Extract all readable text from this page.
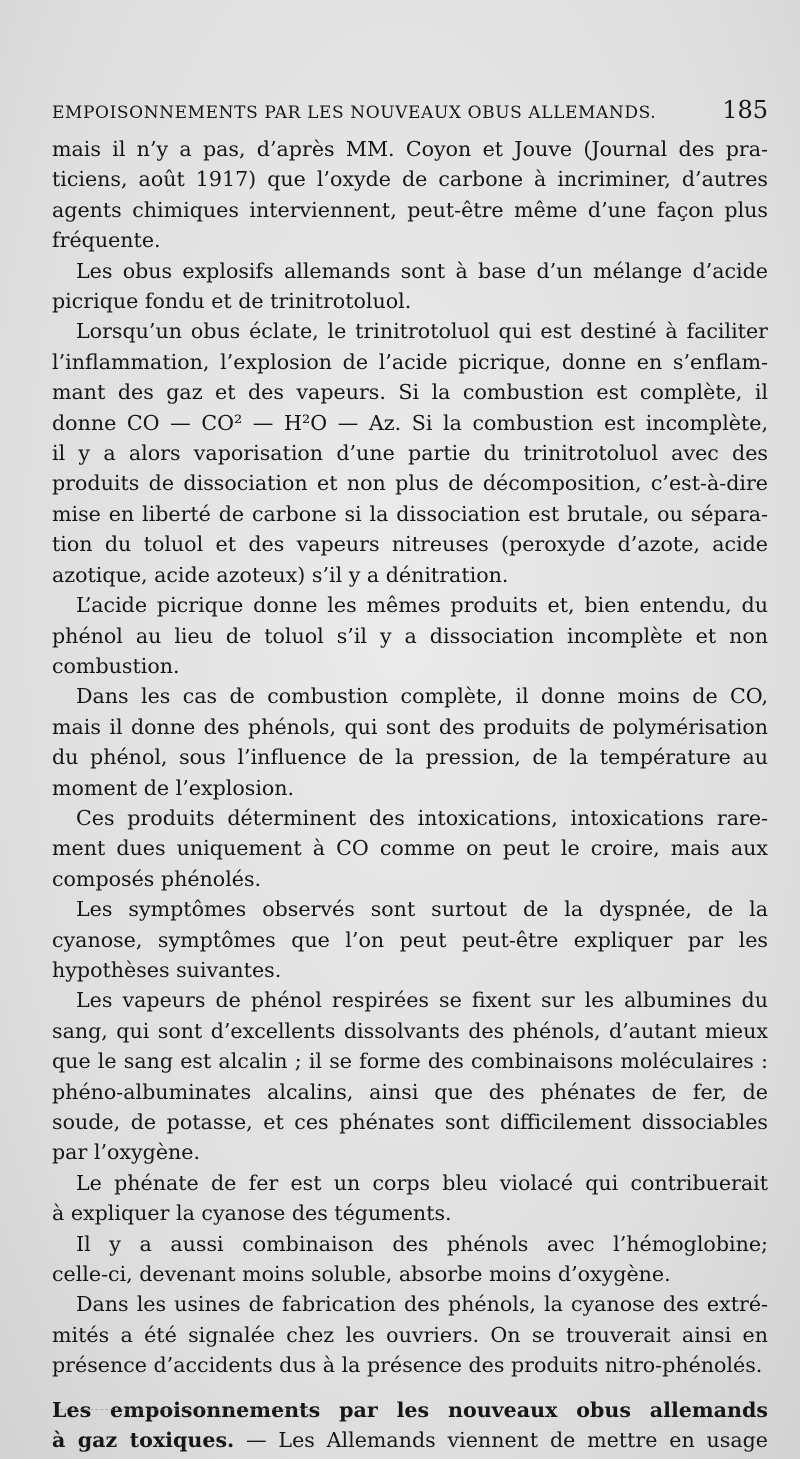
EMPOISONNEMENTS PAR LES NOUVEAUX OBUS ALLEMANDS.	185
mais il n’y a pas, d’après MM. Coyon et Jouve (Journal des pra-
ticiens, août 1917) que l’oxyde de carbone à incriminer, d’autres
agents chimiques interviennent, peut-être même d’une façon plus
fréquente.
Les obus explosifs allemands sont à base d’un mélange d’acide
picrique fondu et de trinitrotoluol.
Lorsqu’un obus éclate, le trinitrotoluol qui est destiné à faciliter
l’inflammation, l’explosion de l’acide picrique, donne en s’enflam-
mant des gaz et des vapeurs. Si la combustion est complète, il
donne CO — CO² — H²O — Az. Si la combustion est incomplète,
il y a alors vaporisation d’une partie du trinitrotoluol avec des
produits de dissociation et non plus de décomposition, c’est-à-dire
mise en liberté de carbone si la dissociation est brutale, ou sépara-
tion du toluol et des vapeurs nitreuses (peroxyde d’azote, acide
azotique, acide azoteux) s’il y a dénitration.
L’acide picrique donne les mêmes produits et, bien entendu, du
phénol au lieu de toluol s’il y a dissociation incomplète et non
combustion.
Dans les cas de combustion complète, il donne moins de CO,
mais il donne des phénols, qui sont des produits de polymérisation
du phénol, sous l’influence de la pression, de la température au
moment de l’explosion.
Ces produits déterminent des intoxications, intoxications rare-
ment dues uniquement à CO comme on peut le croire, mais aux
composés phénolés.
Les symptômes observés sont surtout de la dyspnée, de la
cyanose, symptômes que l’on peut peut-être expliquer par les
hypothèses suivantes.
Les vapeurs de phénol respirées se fixent sur les albumines du
sang, qui sont d’excellents dissolvants des phénols, d’autant mieux
que le sang est alcalin ; il se forme des combinaisons moléculaires :
phéno-albuminates alcalins, ainsi que des phénates de fer, de
soude, de potasse, et ces phénates sont difficilement dissociables
par l’oxygène.
Le phénate de fer est un corps bleu violacé qui contribuerait
à expliquer la cyanose des téguments.
Il y a aussi combinaison des phénols avec l’hémoglobine;
celle-ci, devenant moins soluble, absorbe moins d’oxygène.
Dans les usines de fabrication des phénols, la cyanose des extré-
mités a été signalée chez les ouvriers. On se trouverait ainsi en
présence d’accidents dus à la présence des produits nitro-phénolés.
Les empoisonnements par les nouveaux obus allemands
à gaz toxiques. — Les Allemands viennent de mettre en usage
